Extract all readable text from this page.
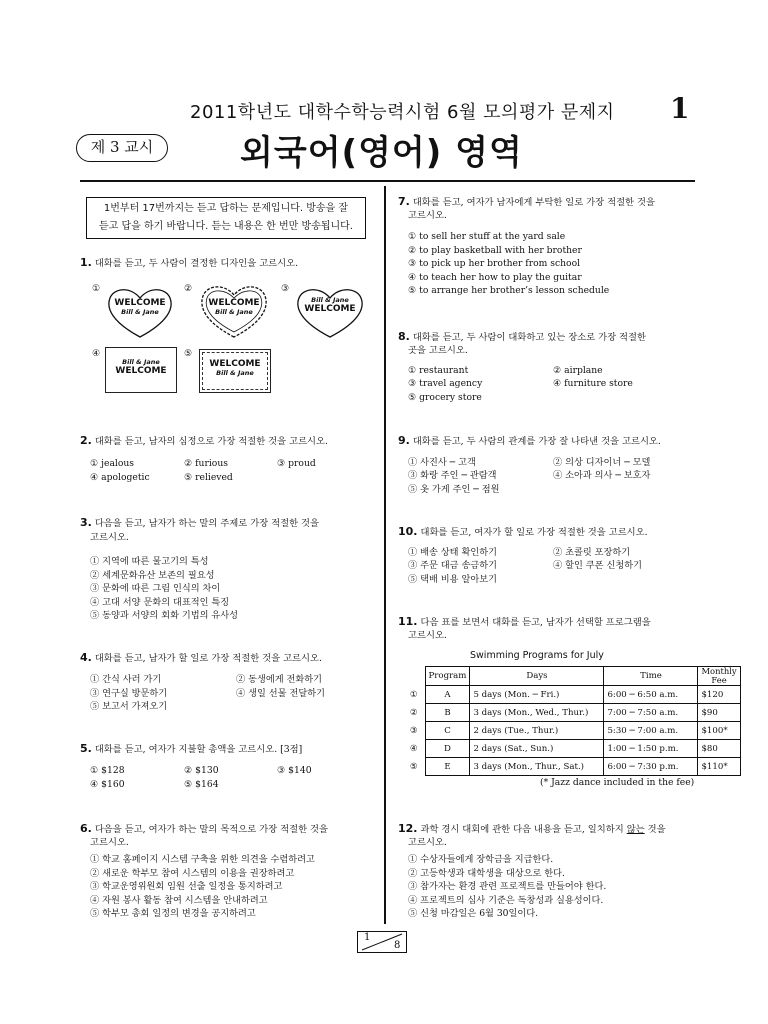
2011학년도 대학수학능력시험 6월 모의평가 문제지 1
제 3 교시	외국어(영어) 영역
1번부터 17번까지는 듣고 답하는 문제입니다. 방송을 잘
듣고 답을 하기 바랍니다. 듣는 내용은 한 번만 방송됩니다.
1. 대화를 듣고, 두 사람이 결정한 디자인을 고르시오.
①
WELCOME
Bill & Jane
②
WELCOME
Bill & Jane
③
Bill & Jane
WELCOME
④
Bill & Jane
WELCOME
⑤
WELCOME
Bill & Jane
2. 대화를 듣고, 남자의 심정으로 가장 적절한 것을 고르시오.
① jealous	② furious	③ proud
④ apologetic	⑤ relieved
3. 다음을 듣고, 남자가 하는 말의 주제로 가장 적절한 것을
고르시오.
① 지역에 따른 물고기의 특성
② 세계문화유산 보존의 필요성
③ 문화에 따른 그림 인식의 차이
④ 고대 서양 문화의 대표적인 특징
⑤ 동양과 서양의 회화 기법의 유사성
4. 대화를 듣고, 남자가 할 일로 가장 적절한 것을 고르시오.
① 간식 사러 가기	② 동생에게 전화하기
③ 연구실 방문하기	④ 생일 선물 전달하기
⑤ 보고서 가져오기
5. 대화를 듣고, 여자가 지불할 총액을 고르시오. [3점]
① $128	② $130	③ $140
④ $160	⑤ $164
6. 다음을 듣고, 여자가 하는 말의 목적으로 가장 적절한 것을
고르시오.
① 학교 홈페이지 시스템 구축을 위한 의견을 수렴하려고
② 새로운 학부모 참여 시스템의 이용을 권장하려고
③ 학교운영위원회 임원 선출 일정을 통지하려고
④ 자원 봉사 활동 참여 시스템을 안내하려고
⑤ 학부모 총회 일정의 변경을 공지하려고
7. 대화를 듣고, 여자가 남자에게 부탁한 일로 가장 적절한 것을
고르시오.
① to sell her stuff at the yard sale
② to play basketball with her brother
③ to pick up her brother from school
④ to teach her how to play the guitar
⑤ to arrange her brother’s lesson schedule
8. 대화를 듣고, 두 사람이 대화하고 있는 장소로 가장 적절한
곳을 고르시오.
① restaurant	② airplane
③ travel agency	④ furniture store
⑤ grocery store
9. 대화를 듣고, 두 사람의 관계를 가장 잘 나타낸 것을 고르시오.
① 사진사 ─ 고객	② 의상 디자이너 ─ 모델
③ 화랑 주인 ─ 관람객	④ 소아과 의사 ─ 보호자
⑤ 옷 가게 주인 ─ 점원
10. 대화를 듣고, 여자가 할 일로 가장 적절한 것을 고르시오.
① 배송 상태 확인하기	② 초콜릿 포장하기
③ 주문 대금 송금하기	④ 할인 쿠폰 신청하기
⑤ 택배 비용 알아보기
11. 다음 표를 보면서 대화를 듣고, 남자가 선택할 프로그램을
고르시오.
Swimming Programs for July
	Program	Days	Time	Monthly Fee
①	A	5 days (Mon. ─ Fri.)	6:00 ─ 6:50 a.m.	$120
②	B	3 days (Mon., Wed., Thur.)	7:00 ─ 7:50 a.m.	$90
③	C	2 days (Tue., Thur.)	5:30 ─ 7:00 a.m.	$100*
④	D	2 days (Sat., Sun.)	1:00 ─ 1:50 p.m.	$80
⑤	E	3 days (Mon., Thur., Sat.)	6:00 ─ 7:30 p.m.	$110*
(* Jazz dance included in the fee)
12. 과학 경시 대회에 관한 다음 내용을 듣고, 일치하지 않는 것을
고르시오.
① 수상자들에게 장학금을 지급한다.
② 고등학생과 대학생을 대상으로 한다.
③ 참가자는 환경 관련 프로젝트를 만들어야 한다.
④ 프로젝트의 심사 기준은 독창성과 실용성이다.
⑤ 신청 마감일은 6월 30일이다.
1
8
